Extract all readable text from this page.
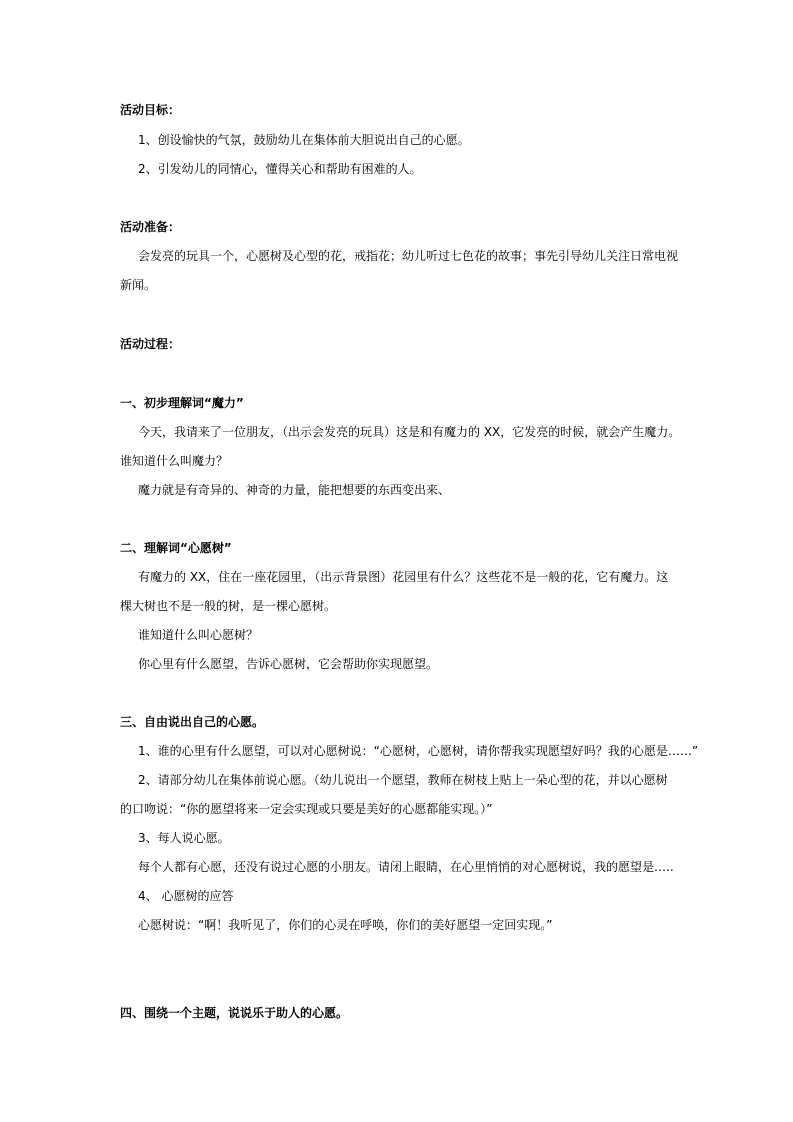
活动目标：
1、创设愉快的气氛，鼓励幼儿在集体前大胆说出自己的心愿。
2、引发幼儿的同情心，懂得关心和帮助有困难的人。
活动准备：
会发亮的玩具一个，心愿树及心型的花，戒指花；幼儿听过七色花的故事；事先引导幼儿关注日常电视
新闻。
活动过程：
一、初步理解词“魔力”
今天，我请来了一位朋友，（出示会发亮的玩具）这是和有魔力的 XX，它发亮的时候，就会产生魔力。
谁知道什么叫魔力？
魔力就是有奇异的、神奇的力量，能把想要的东西变出来、
二、理解词“心愿树”
有魔力的 XX，住在一座花园里，（出示背景图）花园里有什么？这些花不是一般的花，它有魔力。这
棵大树也不是一般的树，是一棵心愿树。
谁知道什么叫心愿树？
你心里有什么愿望，告诉心愿树，它会帮助你实现愿望。
三、自由说出自己的心愿。
1、谁的心里有什么愿望，可以对心愿树说：“心愿树，心愿树，请你帮我实现愿望好吗？我的心愿是……”
2、请部分幼儿在集体前说心愿。（幼儿说出一个愿望，教师在树枝上贴上一朵心型的花，并以心愿树
的口吻说：“你的愿望将来一定会实现或只要是美好的心愿都能实现。）”
3、每人说心愿。
每个人都有心愿，还没有说过心愿的小朋友。请闭上眼睛，在心里悄悄的对心愿树说，我的愿望是…..
4、 心愿树的应答
心愿树说：“啊！我听见了，你们的心灵在呼唤，你们的美好愿望一定回实现。”
四、围绕一个主题，说说乐于助人的心愿。
